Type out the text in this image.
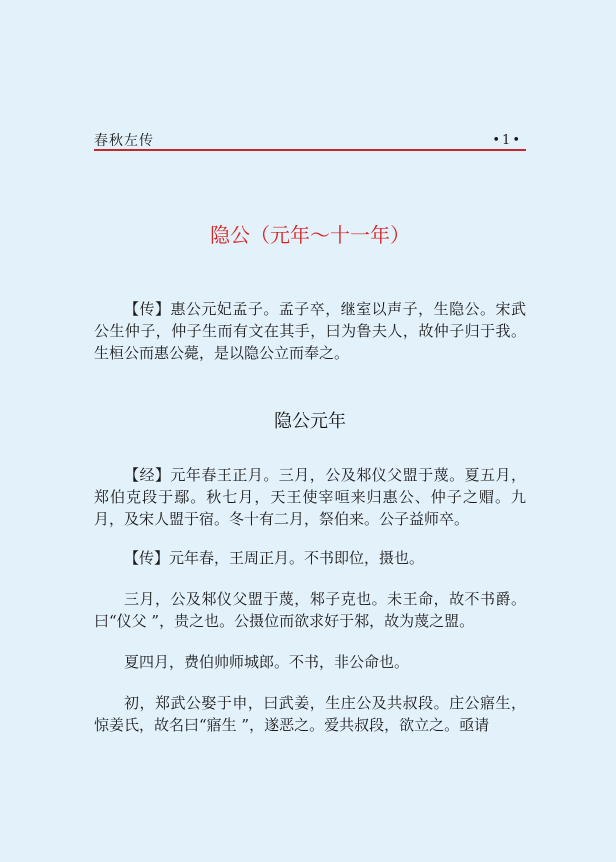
春秋左传	•1•
隐公（元年～十一年）

【传】惠公元妃孟子。孟子卒，继室以声子，生隐公。宋武公生仲子，仲子生而有文在其手，曰为鲁夫人，故仲子归于我。生桓公而惠公薨，是以隐公立而奉之。

隐公元年

【经】元年春王正月。三月，公及邾仪父盟于蔑。夏五月，郑伯克段于鄢。秋七月，天王使宰咺来归惠公、仲子之赗。九月，及宋人盟于宿。冬十有二月，祭伯来。公子益师卒。

【传】元年春，王周正月。不书即位，摄也。

三月，公及邾仪父盟于蔑，邾子克也。未王命，故不书爵。曰“仪父 ”，贵之也。公摄位而欲求好于邾，故为蔑之盟。

夏四月，费伯帅师城郎。不书，非公命也。

初，郑武公娶于申，曰武姜，生庄公及共叔段。庄公寤生，惊姜氏，故名曰“寤生 ”，遂恶之。爱共叔段，欲立之。亟请
